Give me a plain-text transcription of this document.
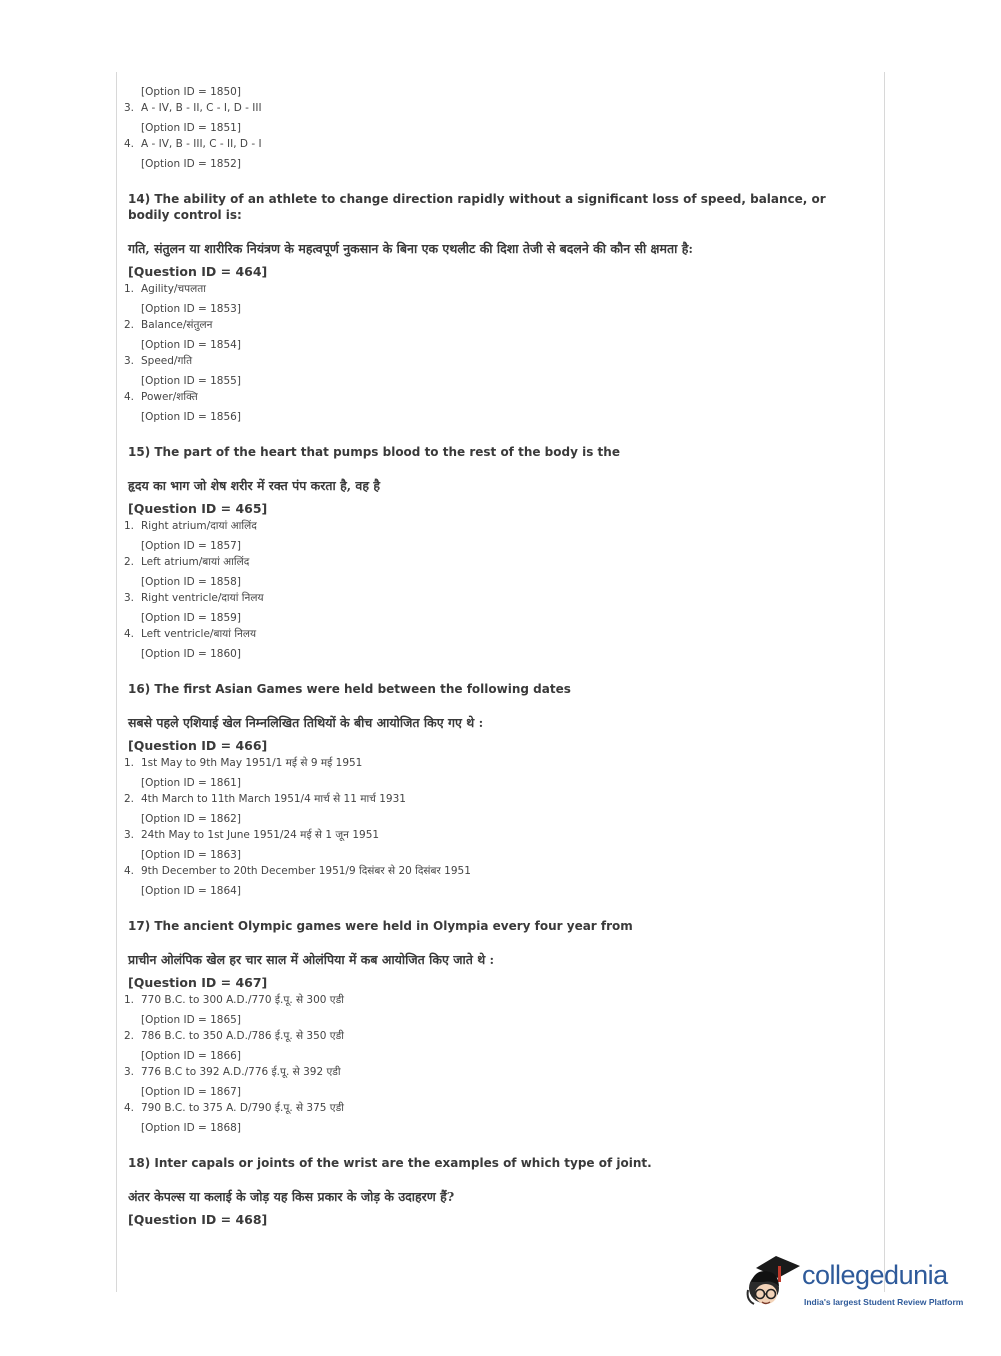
[Option ID = 1850]
3. A - IV, B - II, C - I, D - III
[Option ID = 1851]
4. A - IV, B - III, C - II, D - I
[Option ID = 1852]
14) The ability of an athlete to change direction rapidly without a significant loss of speed, balance, or bodily control is:
गति, संतुलन या शारीरिक नियंत्रण के महत्वपूर्ण नुकसान के बिना एक एथलीट की दिशा तेजी से बदलने की कौन सी क्षमता है:
[Question ID = 464]
1. Agility/चपलता
[Option ID = 1853]
2. Balance/संतुलन
[Option ID = 1854]
3. Speed/गति
[Option ID = 1855]
4. Power/शक्ति
[Option ID = 1856]
15) The part of the heart that pumps blood to the rest of the body is the
हृदय का भाग जो शेष शरीर में रक्त पंप करता है, वह है
[Question ID = 465]
1. Right atrium/दायां आलिंद
[Option ID = 1857]
2. Left atrium/बायां आलिंद
[Option ID = 1858]
3. Right ventricle/दायां निलय
[Option ID = 1859]
4. Left ventricle/बायां निलय
[Option ID = 1860]
16) The first Asian Games were held between the following dates
सबसे पहले एशियाई खेल निम्नलिखित तिथियों के बीच आयोजित किए गए थे :
[Question ID = 466]
1. 1st May to 9th May 1951/1 मई से 9 मई 1951
[Option ID = 1861]
2. 4th March to 11th March 1951/4 मार्च से 11 मार्च 1931
[Option ID = 1862]
3. 24th May to 1st June 1951/24 मई से 1 जून 1951
[Option ID = 1863]
4. 9th December to 20th December 1951/9 दिसंबर से 20 दिसंबर 1951
[Option ID = 1864]
17) The ancient Olympic games were held in Olympia every four year from
प्राचीन ओलंपिक खेल हर चार साल में ओलंपिया में कब आयोजित किए जाते थे :
[Question ID = 467]
1. 770 B.C. to 300 A.D./770 ई.पू. से 300 एडी
[Option ID = 1865]
2. 786 B.C. to 350 A.D./786 ई.पू. से 350 एडी
[Option ID = 1866]
3. 776 B.C to 392 A.D./776 ई.पू. से 392 एडी
[Option ID = 1867]
4. 790 B.C. to 375 A. D/790 ई.पू. से 375 एडी
[Option ID = 1868]
18) Inter capals or joints of the wrist are the examples of which type of joint.
अंतर केपल्स या कलाई के जोड़ यह किस प्रकार के जोड़ के उदाहरण हैं?
[Question ID = 468]
collegedunia
India's largest Student Review Platform
